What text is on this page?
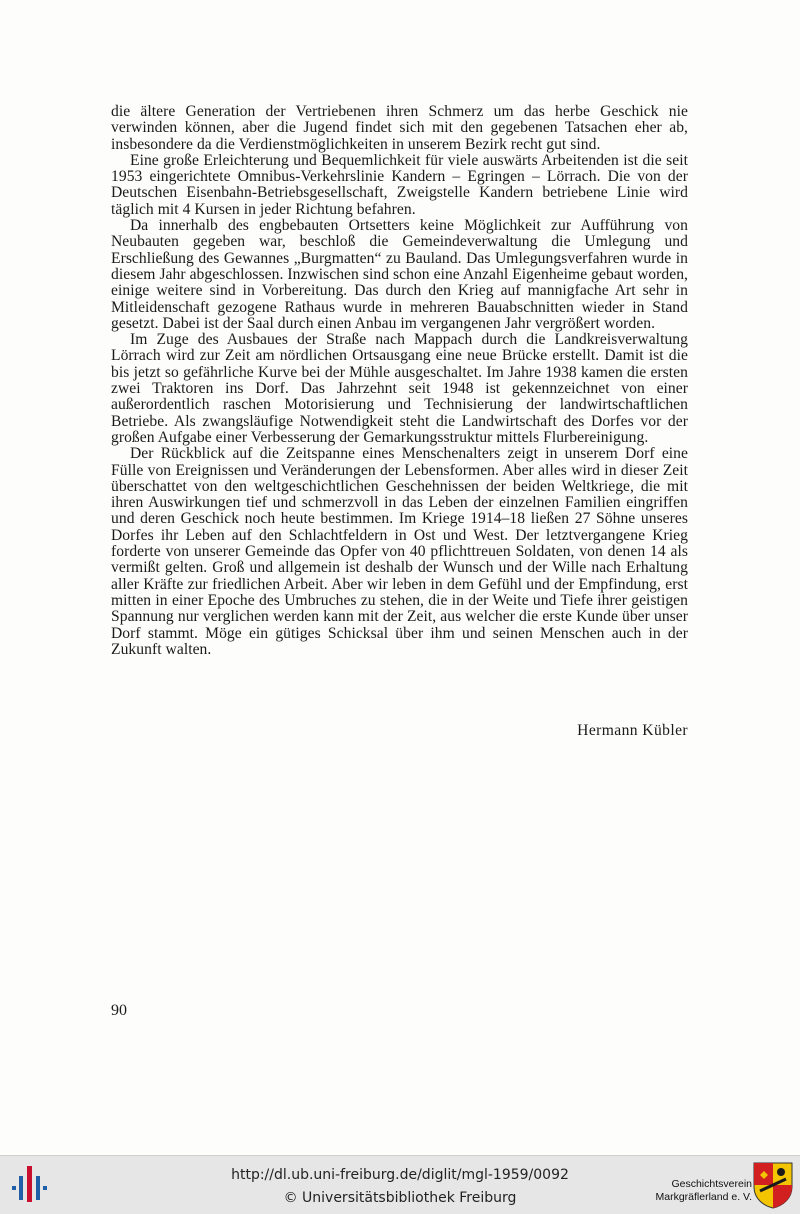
die ältere Generation der Vertriebenen ihren Schmerz um das herbe Geschick nie verwinden können, aber die Jugend findet sich mit den gegebenen Tatsachen eher ab, insbesondere da die Verdienstmöglichkeiten in unserem Bezirk recht gut sind.

Eine große Erleichterung und Bequemlichkeit für viele auswärts Arbeitenden ist die seit 1953 eingerichtete Omnibus-Verkehrslinie Kandern – Egringen – Lörrach. Die von der Deutschen Eisenbahn-Betriebsgesellschaft, Zweigstelle Kandern betriebene Linie wird täglich mit 4 Kursen in jeder Richtung befahren.

Da innerhalb des engbebauten Ortsetters keine Möglichkeit zur Aufführung von Neubauten gegeben war, beschloß die Gemeindeverwaltung die Umlegung und Erschließung des Gewannes „Burgmatten“ zu Bauland. Das Umlegungsverfahren wurde in diesem Jahr abgeschlossen. Inzwischen sind schon eine Anzahl Eigenheime gebaut worden, einige weitere sind in Vorbereitung. Das durch den Krieg auf mannigfache Art sehr in Mitleidenschaft gezogene Rathaus wurde in mehreren Bauabschnitten wieder in Stand gesetzt. Dabei ist der Saal durch einen Anbau im vergangenen Jahr vergrößert worden.

Im Zuge des Ausbaues der Straße nach Mappach durch die Landkreisverwaltung Lörrach wird zur Zeit am nördlichen Ortsausgang eine neue Brücke erstellt. Damit ist die bis jetzt so gefährliche Kurve bei der Mühle ausgeschaltet. Im Jahre 1938 kamen die ersten zwei Traktoren ins Dorf. Das Jahrzehnt seit 1948 ist gekennzeichnet von einer außerordentlich raschen Motorisierung und Technisierung der landwirtschaftlichen Betriebe. Als zwangsläufige Notwendigkeit steht die Landwirtschaft des Dorfes vor der großen Aufgabe einer Verbesserung der Gemarkungsstruktur mittels Flurbereinigung.

Der Rückblick auf die Zeitspanne eines Menschenalters zeigt in unserem Dorf eine Fülle von Ereignissen und Veränderungen der Lebensformen. Aber alles wird in dieser Zeit überschattet von den weltgeschichtlichen Geschehnissen der beiden Weltkriege, die mit ihren Auswirkungen tief und schmerzvoll in das Leben der einzelnen Familien eingriffen und deren Geschick noch heute bestimmen. Im Kriege 1914–18 ließen 27 Söhne unseres Dorfes ihr Leben auf den Schlachtfeldern in Ost und West. Der letztvergangene Krieg forderte von unserer Gemeinde das Opfer von 40 pflichttreuen Soldaten, von denen 14 als vermißt gelten. Groß und allgemein ist deshalb der Wunsch und der Wille nach Erhaltung aller Kräfte zur friedlichen Arbeit. Aber wir leben in dem Gefühl und der Empfindung, erst mitten in einer Epoche des Umbruches zu stehen, die in der Weite und Tiefe ihrer geistigen Spannung nur verglichen werden kann mit der Zeit, aus welcher die erste Kunde über unser Dorf stammt. Möge ein gütiges Schicksal über ihm und seinen Menschen auch in der Zukunft walten.

Hermann Kübler
90
http://dl.ub.uni-freiburg.de/diglit/mgl-1959/0092
© Universitätsbibliothek Freiburg
Geschichtsverein
Markgräflerland e. V.
